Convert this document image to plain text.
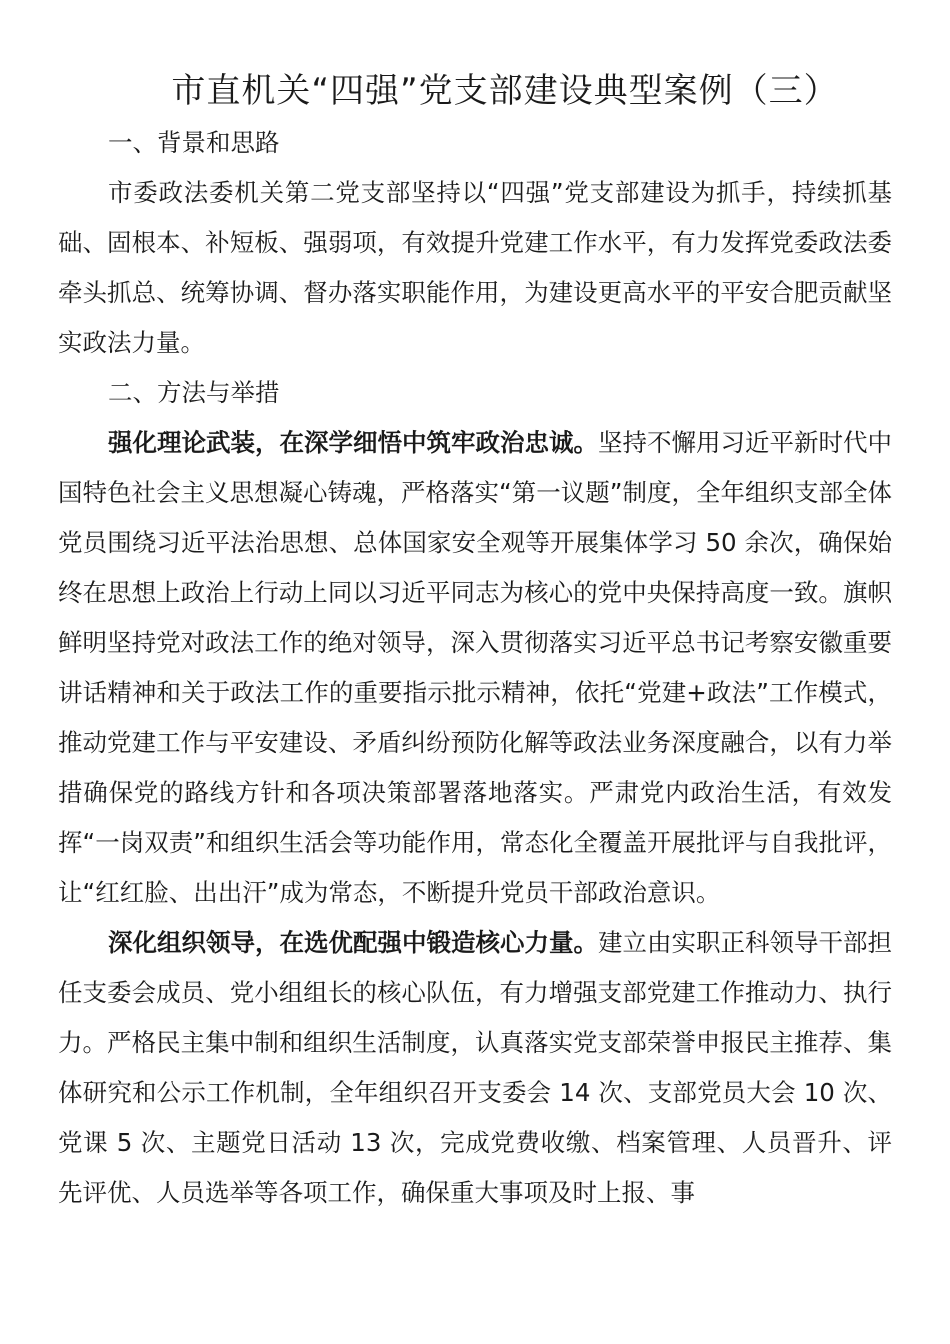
市直机关“四强”党支部建设典型案例（三）

一、背景和思路

市委政法委机关第二党支部坚持以“四强”党支部建设为抓手，持续抓基础、固根本、补短板、强弱项，有效提升党建工作水平，有力发挥党委政法委牵头抓总、统筹协调、督办落实职能作用，为建设更高水平的平安合肥贡献坚实政法力量。

二、方法与举措

强化理论武装，在深学细悟中筑牢政治忠诚。坚持不懈用习近平新时代中国特色社会主义思想凝心铸魂，严格落实“第一议题”制度，全年组织支部全体党员围绕习近平法治思想、总体国家安全观等开展集体学习 50 余次，确保始终在思想上政治上行动上同以习近平同志为核心的党中央保持高度一致。旗帜鲜明坚持党对政法工作的绝对领导，深入贯彻落实习近平总书记考察安徽重要讲话精神和关于政法工作的重要指示批示精神，依托“党建+政法”工作模式，推动党建工作与平安建设、矛盾纠纷预防化解等政法业务深度融合，以有力举措确保党的路线方针和各项决策部署落地落实。严肃党内政治生活，有效发挥“一岗双责”和组织生活会等功能作用，常态化全覆盖开展批评与自我批评，让“红红脸、出出汗”成为常态，不断提升党员干部政治意识。

深化组织领导，在选优配强中锻造核心力量。建立由实职正科领导干部担任支委会成员、党小组组长的核心队伍，有力增强支部党建工作推动力、执行力。严格民主集中制和组织生活制度，认真落实党支部荣誉申报民主推荐、集体研究和公示工作机制，全年组织召开支委会 14 次、支部党员大会 10 次、党课 5 次、主题党日活动 13 次，完成党费收缴、档案管理、人员晋升、评先评优、人员选举等各项工作，确保重大事项及时上报、事
